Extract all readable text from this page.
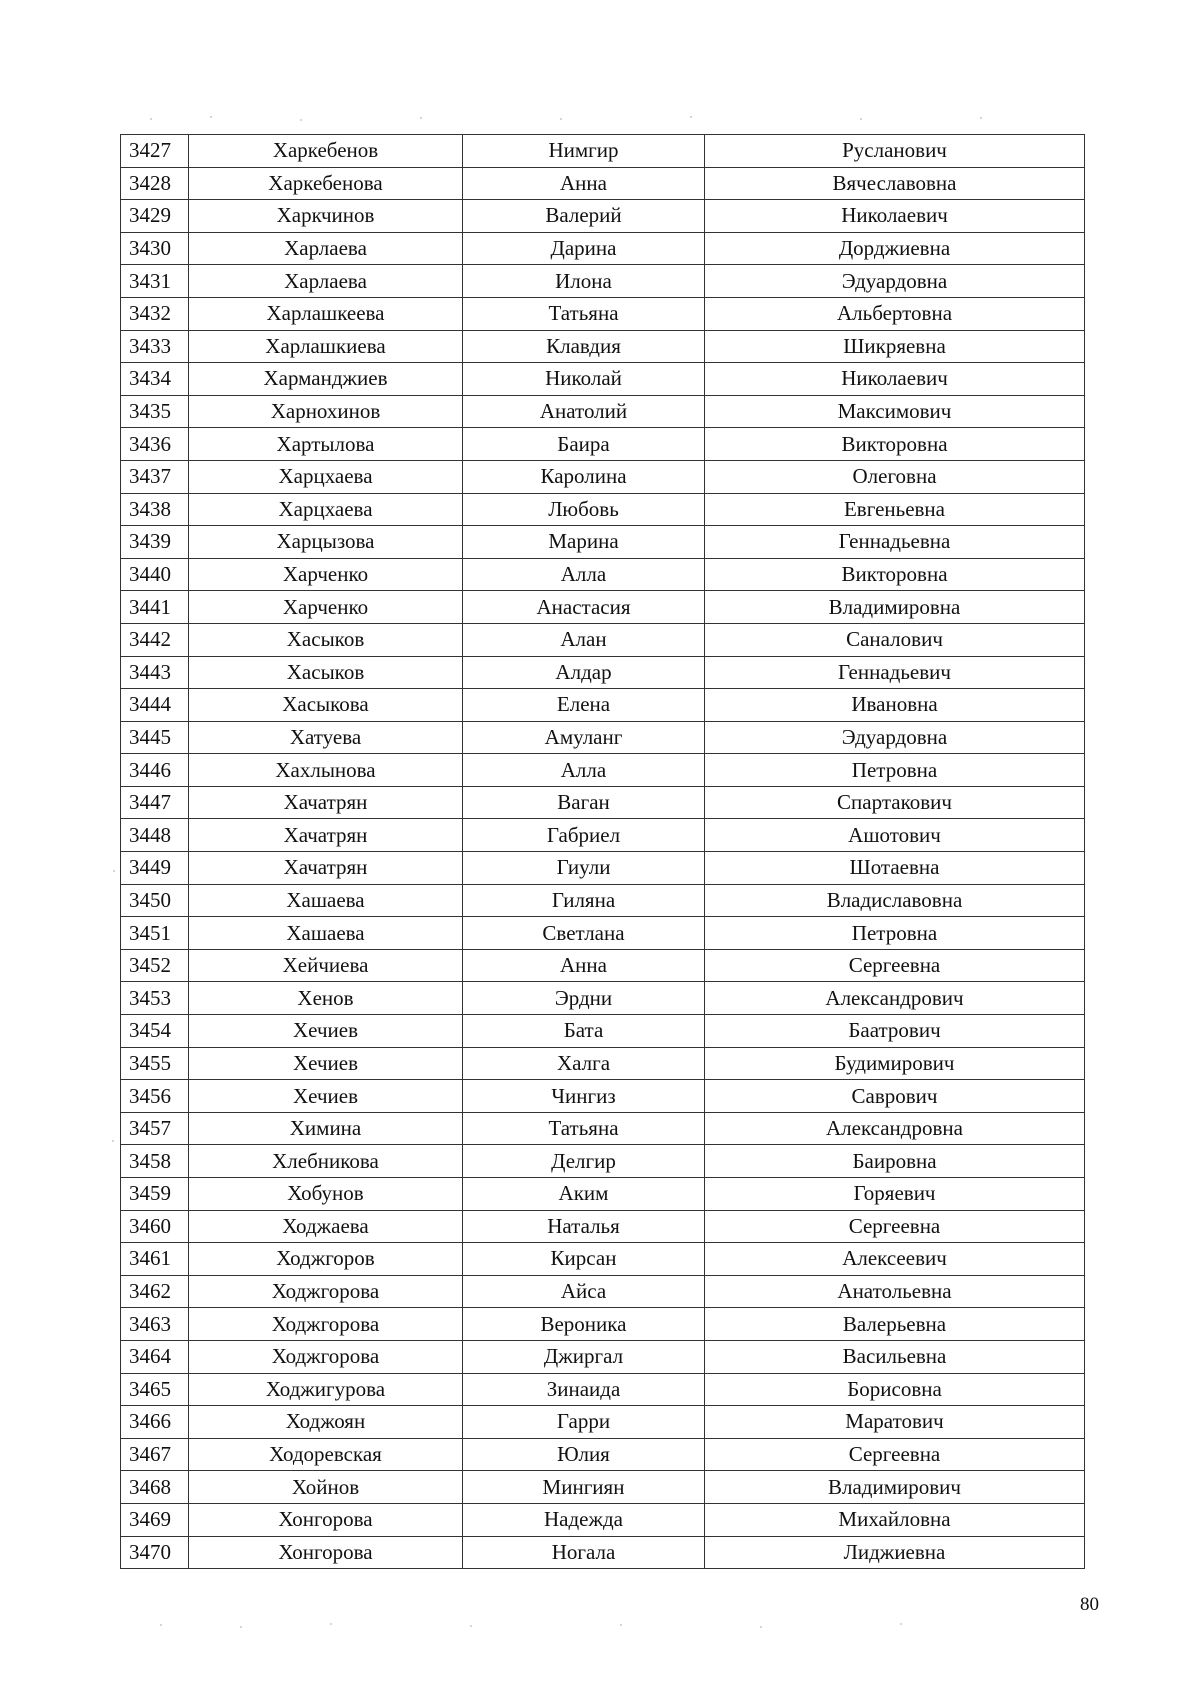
3427	Харкебенов	Нимгир	Русланович
3428	Харкебенова	Анна	Вячеславовна
3429	Харкчинов	Валерий	Николаевич
3430	Харлаева	Дарина	Дорджиевна
3431	Харлаева	Илона	Эдуардовна
3432	Харлашкеева	Татьяна	Альбертовна
3433	Харлашкиева	Клавдия	Шикряевна
3434	Харманджиев	Николай	Николаевич
3435	Харнохинов	Анатолий	Максимович
3436	Хартылова	Баира	Викторовна
3437	Харцхаева	Каролина	Олеговна
3438	Харцхаева	Любовь	Евгеньевна
3439	Харцызова	Марина	Геннадьевна
3440	Харченко	Алла	Викторовна
3441	Харченко	Анастасия	Владимировна
3442	Хасыков	Алан	Саналович
3443	Хасыков	Алдар	Геннадьевич
3444	Хасыкова	Елена	Ивановна
3445	Хатуева	Амуланг	Эдуардовна
3446	Хахлынова	Алла	Петровна
3447	Хачатрян	Ваган	Спартакович
3448	Хачатрян	Габриел	Ашотович
3449	Хачатрян	Гиули	Шотаевна
3450	Хашаева	Гиляна	Владиславовна
3451	Хашаева	Светлана	Петровна
3452	Хейчиева	Анна	Сергеевна
3453	Хенов	Эрдни	Александрович
3454	Хечиев	Бата	Баатрович
3455	Хечиев	Халга	Будимирович
3456	Хечиев	Чингиз	Саврович
3457	Химина	Татьяна	Александровна
3458	Хлебникова	Делгир	Баировна
3459	Хобунов	Аким	Горяевич
3460	Ходжаева	Наталья	Сергеевна
3461	Ходжгоров	Кирсан	Алексеевич
3462	Ходжгорова	Айса	Анатольевна
3463	Ходжгорова	Вероника	Валерьевна
3464	Ходжгорова	Джиргал	Васильевна
3465	Ходжигурова	Зинаида	Борисовна
3466	Ходжоян	Гарри	Маратович
3467	Ходоревская	Юлия	Сергеевна
3468	Хойнов	Мингиян	Владимирович
3469	Хонгорова	Надежда	Михайловна
3470	Хонгорова	Ногала	Лиджиевна
80
